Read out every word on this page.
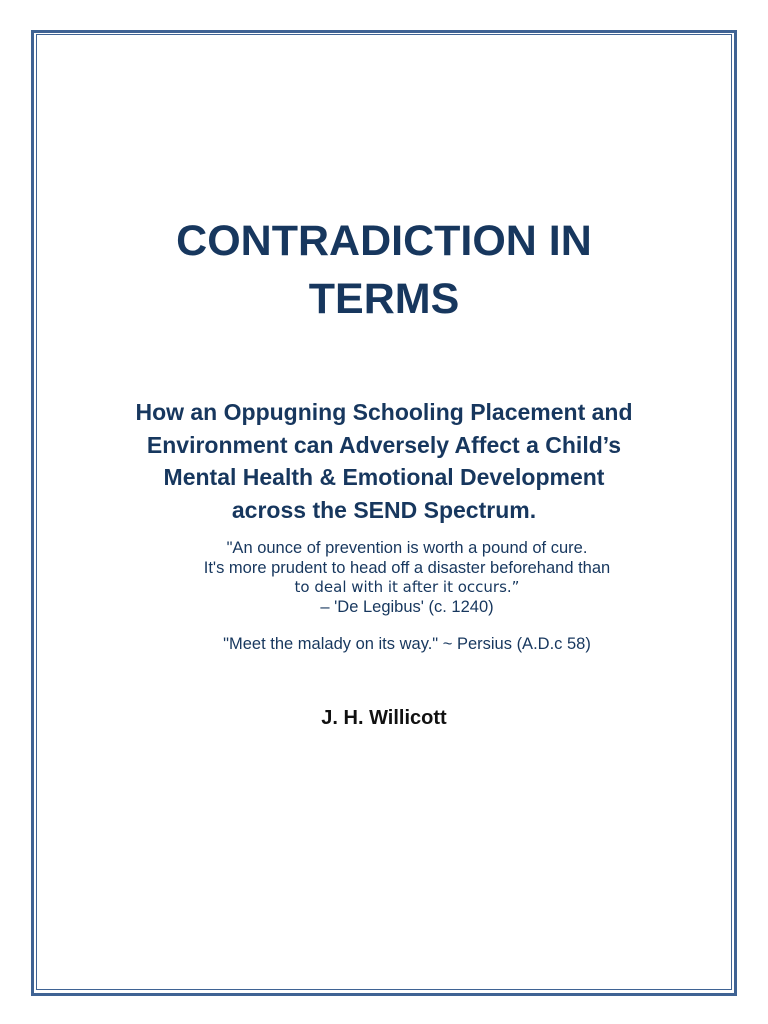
CONTRADICTION IN
TERMS
How an Oppugning Schooling Placement and
Environment can Adversely Affect a Child’s
Mental Health & Emotional Development
across the SEND Spectrum.
"An ounce of prevention is worth a pound of cure.
It's more prudent to head off a disaster beforehand than
to deal with it after it occurs.”
– 'De Legibus' (c. 1240)
"Meet the malady on its way." ~ Persius (A.D.c 58)
J. H. Willicott
